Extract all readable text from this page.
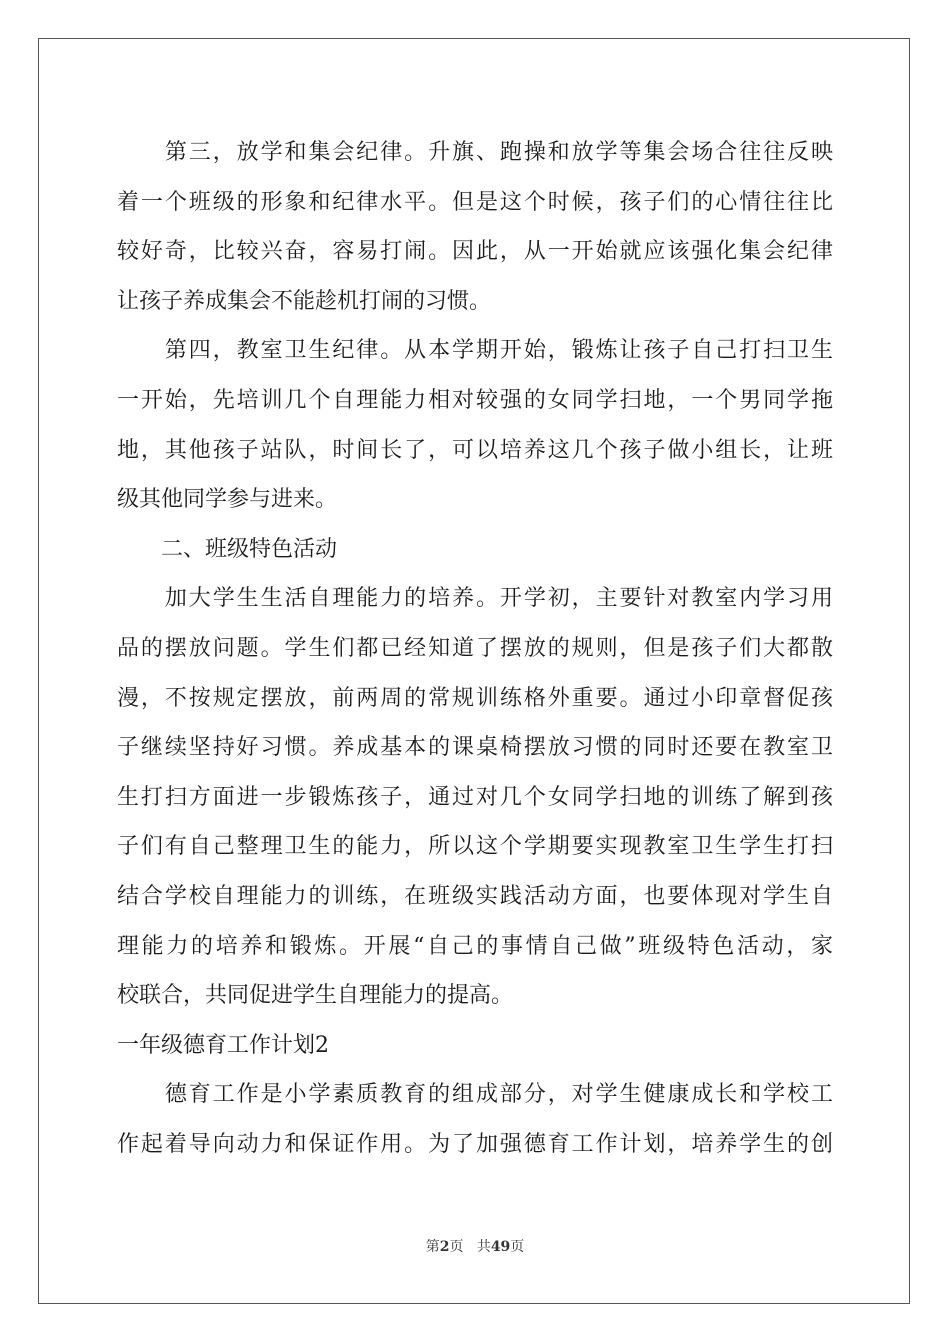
　　第三，放学和集会纪律。升旗、跑操和放学等集会场合往往反映
着一个班级的形象和纪律水平。但是这个时候，孩子们的心情往往比
较好奇，比较兴奋，容易打闹。因此，从一开始就应该强化集会纪律
让孩子养成集会不能趁机打闹的习惯。
　　第四，教室卫生纪律。从本学期开始，锻炼让孩子自己打扫卫生
一开始，先培训几个自理能力相对较强的女同学扫地，一个男同学拖
地，其他孩子站队，时间长了，可以培养这几个孩子做小组长，让班
级其他同学参与进来。
　　二、班级特色活动
　　加大学生生活自理能力的培养。开学初，主要针对教室内学习用
品的摆放问题。学生们都已经知道了摆放的规则，但是孩子们大都散
漫，不按规定摆放，前两周的常规训练格外重要。通过小印章督促孩
子继续坚持好习惯。养成基本的课桌椅摆放习惯的同时还要在教室卫
生打扫方面进一步锻炼孩子，通过对几个女同学扫地的训练了解到孩
子们有自己整理卫生的能力，所以这个学期要实现教室卫生学生打扫
结合学校自理能力的训练，在班级实践活动方面，也要体现对学生自
理能力的培养和锻炼。开展“自己的事情自己做”班级特色活动，家
校联合，共同促进学生自理能力的提高。
一年级德育工作计划2
　　德育工作是小学素质教育的组成部分，对学生健康成长和学校工
作起着导向动力和保证作用。为了加强德育工作计划，培养学生的创
第2页 共49页
